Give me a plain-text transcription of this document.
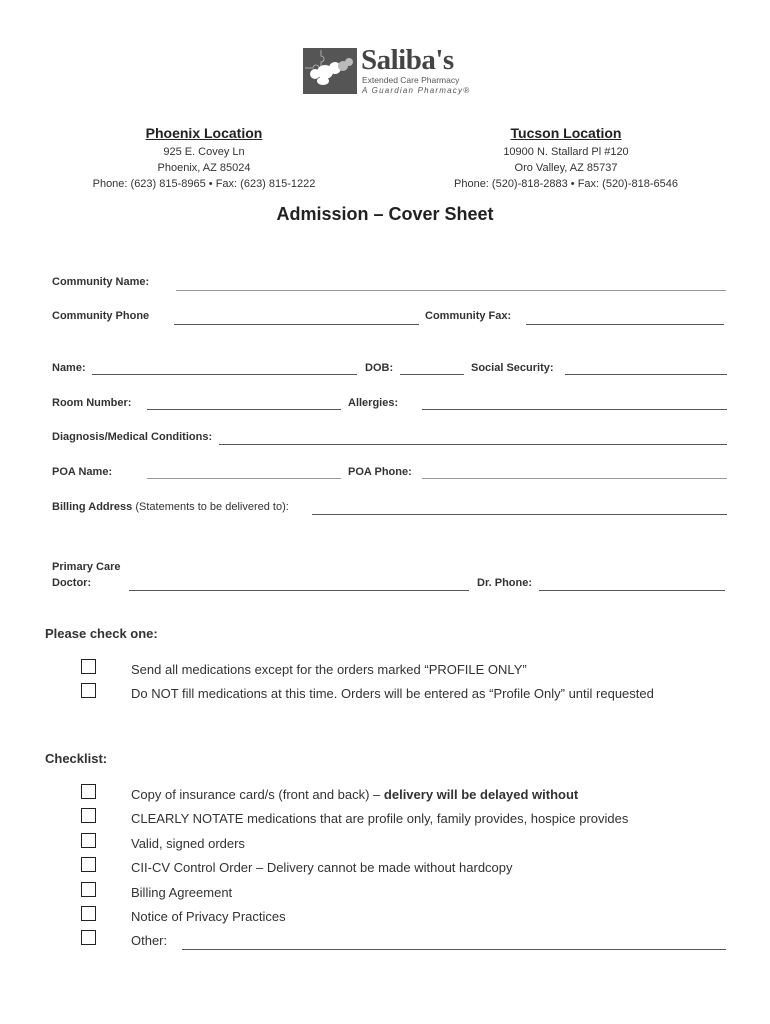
Saliba's
Extended Care Pharmacy
A Guardian Pharmacy®
Phoenix Location
925 E. Covey Ln
Phoenix, AZ 85024
Phone: (623) 815-8965 • Fax: (623) 815-1222
Tucson Location
10900 N. Stallard Pl #120
Oro Valley, AZ 85737
Phone: (520)-818-2883 • Fax: (520)-818-6546
Admission – Cover Sheet
Community Name:
Community Phone	Community Fax:
Name:	DOB:	Social Security:
Room Number:	Allergies:
Diagnosis/Medical Conditions:
POA Name:	POA Phone:
Billing Address (Statements to be delivered to):
Primary Care
Doctor:	Dr. Phone:
Please check one:
Send all medications except for the orders marked “PROFILE ONLY”
Do NOT fill medications at this time. Orders will be entered as “Profile Only” until requested
Checklist:
Copy of insurance card/s (front and back) – delivery will be delayed without
CLEARLY NOTATE medications that are profile only, family provides, hospice provides
Valid, signed orders
CII-CV Control Order – Delivery cannot be made without hardcopy
Billing Agreement
Notice of Privacy Practices
Other:
